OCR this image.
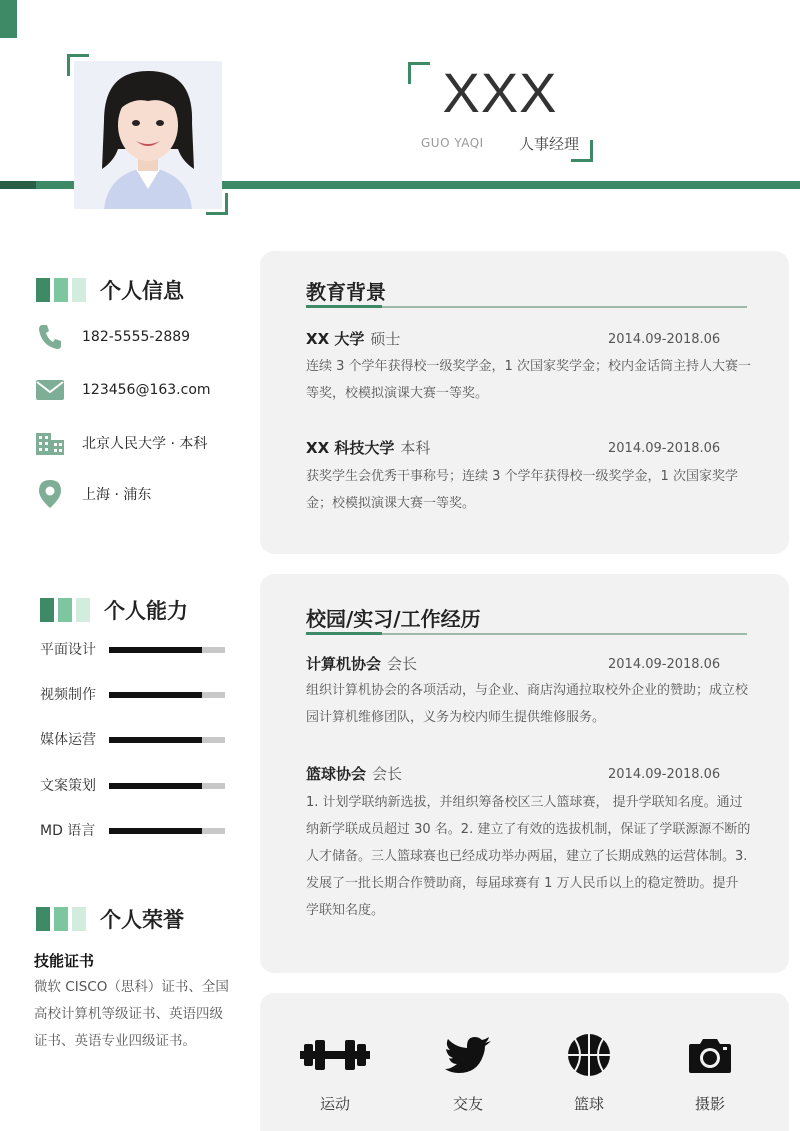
XXX
GUO YAQI 人事经理
个人信息
182-5555-2889
123456@163.com
北京人民大学 · 本科
上海 · 浦东
个人能力
平面设计
视频制作
媒体运营
文案策划
MD 语言
个人荣誉
技能证书
微软 CISCO（思科）证书、全国高校计算机等级证书、英语四级证书、英语专业四级证书。
教育背景
XX 大学 硕士	2014.09-2018.06
连续 3 个学年获得校一级奖学金，1 次国家奖学金；校内金话筒主持人大赛一等奖，校模拟演课大赛一等奖。
XX 科技大学 本科	2014.09-2018.06
获奖学生会优秀干事称号；连续 3 个学年获得校一级奖学金，1 次国家奖学金；校模拟演课大赛一等奖。
校园/实习/工作经历
计算机协会 会长	2014.09-2018.06
组织计算机协会的各项活动，与企业、商店沟通拉取校外企业的赞助；成立校园计算机维修团队，义务为校内师生提供维修服务。
篮球协会 会长	2014.09-2018.06
1. 计划学联纳新选拔，并组织筹备校区三人篮球赛， 提升学联知名度。通过纳新学联成员超过 30 名。2. 建立了有效的选拔机制，保证了学联源源不断的人才储备。三人篮球赛也已经成功举办两届，建立了长期成熟的运营体制。3. 发展了一批长期合作赞助商，每届球赛有 1 万人民币以上的稳定赞助。提升学联知名度。
运动	交友	篮球	摄影
